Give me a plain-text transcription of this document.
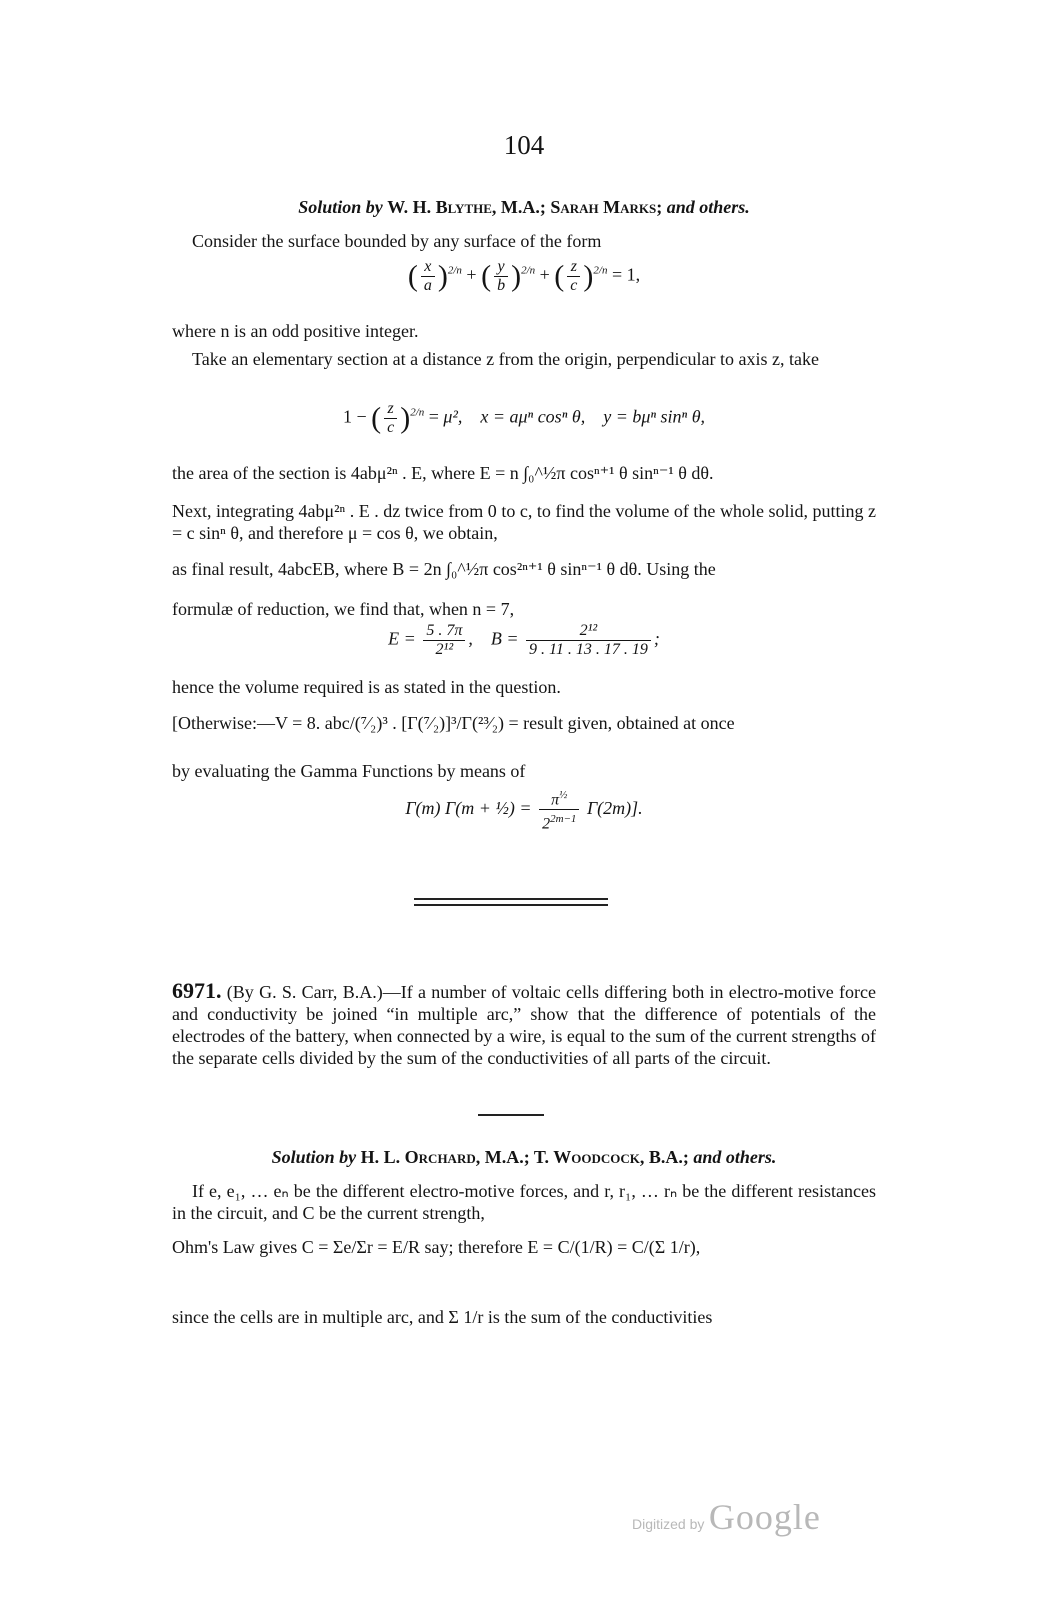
104
Solution by W. H. Blythe, M.A.; Sarah Marks; and others.
Consider the surface bounded by any surface of the form
( $\frac{x}{a} )^{2/n}$ + ( $\frac{y}{b} )^{2/n}$ + ( $\frac{z}{c} )^{2/n} = 1$,
where n is an odd positive integer.
Take an elementary section at a distance z from the origin, perpendicular to axis z, take
1 − ( $\frac{z}{c} )^{2/n} = \mu^2$,    x = aμⁿ cosⁿ θ,    y = bμⁿ sinⁿ θ,
the area of the section is 4abμ²ⁿ . E, where E = n ∫₀^½π cosⁿ⁺¹ θ sinⁿ⁻¹ θ dθ.
Next, integrating 4abμ²ⁿ . E . dz twice from 0 to c, to find the volume of the whole solid, putting z = c sinⁿ θ, and therefore μ = cos θ, we obtain,
as final result, 4abcEB, where B = 2n ∫₀^½π cos²ⁿ⁺¹ θ sinⁿ⁻¹ θ dθ. Using the
formulæ of reduction, we find that, when n = 7,
$E = \frac{5 . 7\pi}{\text{2¹²}}$ ,    $B = \frac{\text{2¹²}}{9 . 11 . 13 . 17 . 19}$ ;
hence the volume required is as stated in the question.
[Otherwise:—V = 8. abc/(⁷⁄₂)³ . [Γ(⁷⁄₂)]³/Γ(²³⁄₂) = result given, obtained at once
by evaluating the Gamma Functions by means of
Γ(m) Γ(m + ½) = $\frac{\pi^{\frac{1}{2}}}{2^{2m-1}} \Gamma(2m)$].
6971. (By G. S. Carr, B.A.)—If a number of voltaic cells differing both in electro-motive force and conductivity be joined “in multiple arc,” show that the difference of potentials of the electrodes of the battery, when connected by a wire, is equal to the sum of the current strengths of the separate cells divided by the sum of the conductivities of all parts of the circuit.
Solution by H. L. Orchard, M.A.; T. Woodcock, B.A.; and others.
If e, e₁, … eₙ be the different electro-motive forces, and r, r₁, … rₙ be the different resistances in the circuit, and C be the current strength,
Ohm's Law gives C = Σe/Σr = E/R say; therefore E = C/(1/R) = C/(Σ 1/r),
since the cells are in multiple arc, and Σ 1/r is the sum of the conductivities
Digitized by Google
